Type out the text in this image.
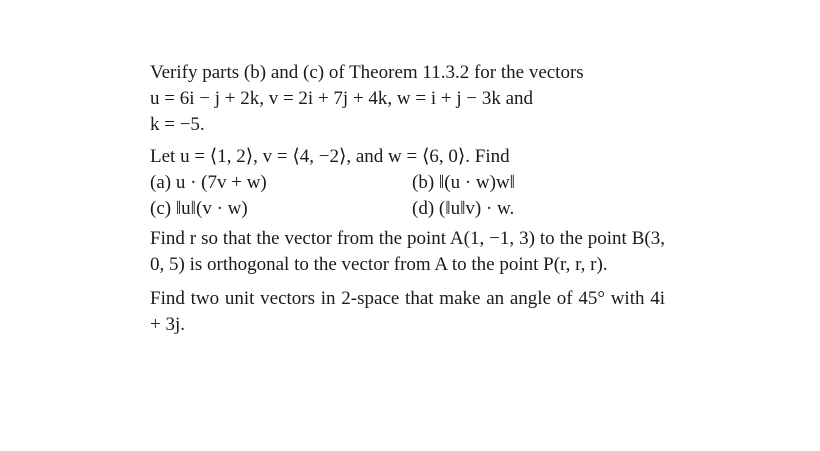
Verify parts (b) and (c) of Theorem 11.3.2 for the vectors
u = 6i − j + 2k, v = 2i + 7j + 4k, w = i + j − 3k and
k = −5.
Let u = ⟨1, 2⟩, v = ⟨4, −2⟩, and w = ⟨6, 0⟩. Find
(a) u · (7v + w)	(b) ‖(u · w)w‖
(c) ‖u‖(v · w)	(d) (‖u‖v) · w.

Find r so that the vector from the point A(1, −1, 3) to the point B(3, 0, 5) is orthogonal to the vector from A to the point P(r, r, r).

Find two unit vectors in 2-space that make an angle of 45° with 4i + 3j.
